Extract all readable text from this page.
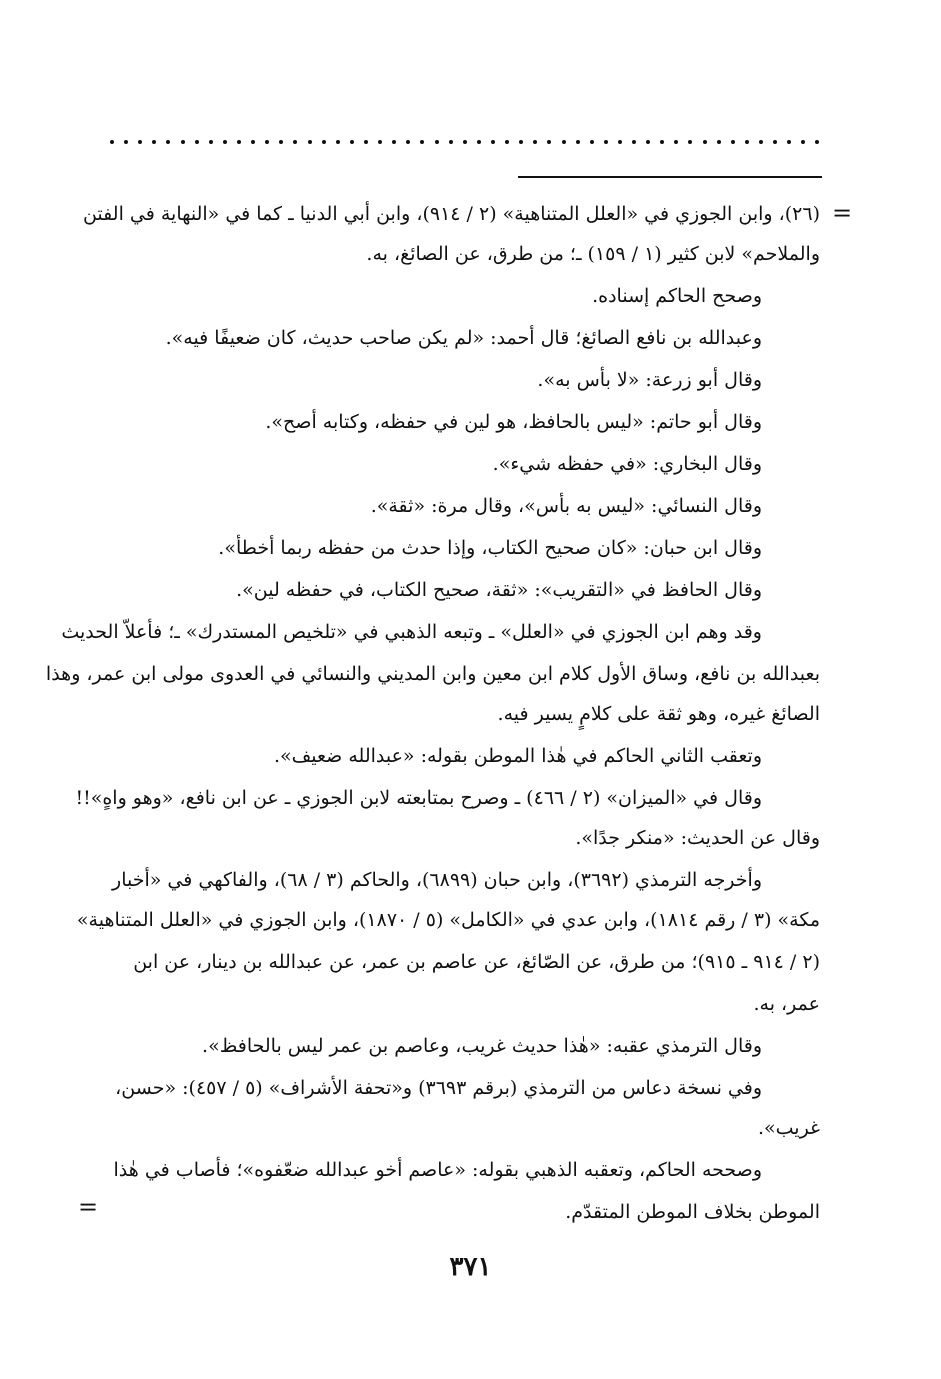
=
(٢٦)، وابن الجوزي في «العلل المتناهية» (٢ / ٩١٤)، وابن أبي الدنيا ـ كما في «النهاية في الفتن
والملاحم» لابن كثير (١ / ١٥٩) ـ؛ من طرق، عن الصائغ، به.
وصحح الحاكم إسناده.
وعبدالله بن نافع الصائغ؛ قال أحمد: «لم يكن صاحب حديث، كان ضعيفًا فيه».
وقال أبو زرعة: «لا بأس به».
وقال أبو حاتم: «ليس بالحافظ، هو لين في حفظه، وكتابه أصح».
وقال البخاري: «في حفظه شيء».
وقال النسائي: «ليس به بأس»، وقال مرة: «ثقة».
وقال ابن حبان: «كان صحيح الكتاب، وإذا حدث من حفظه ربما أخطأ».
وقال الحافظ في «التقريب»: «ثقة، صحيح الكتاب، في حفظه لين».
وقد وهم ابن الجوزي في «العلل» ـ وتبعه الذهبي في «تلخيص المستدرك» ـ؛ فأعلاّ الحديث
بعبدالله بن نافع، وساق الأول كلام ابن معين وابن المديني والنسائي في العدوى مولى ابن عمر، وهذا
الصائغ غيره، وهو ثقة على كلامٍ يسير فيه.
وتعقب الثاني الحاكم في هٰذا الموطن بقوله: «عبدالله ضعيف».
وقال في «الميزان» (٢ / ٤٦٦) ـ وصرح بمتابعته لابن الجوزي ـ عن ابن نافع، «وهو واهٍ»!!
وقال عن الحديث: «منكر جدًا».
وأخرجه الترمذي (٣٦٩٢)، وابن حبان (٦٨٩٩)، والحاكم (٣ / ٦٨)، والفاكهي في «أخبار
مكة» (٣ / رقم ١٨١٤)، وابن عدي في «الكامل» (٥ / ١٨٧٠)، وابن الجوزي في «العلل المتناهية»
(٢ / ٩١٤ ـ ٩١٥)؛ من طرق، عن الصّائغ، عن عاصم بن عمر، عن عبدالله بن دينار، عن ابن
عمر، به.
وقال الترمذي عقبه: «هٰذا حديث غريب، وعاصم بن عمر ليس بالحافظ».
وفي نسخة دعاس من الترمذي (برقم ٣٦٩٣) و«تحفة الأشراف» (٥ / ٤٥٧): «حسن،
غريب».
وصححه الحاكم، وتعقبه الذهبي بقوله: «عاصم أخو عبدالله ضعّفوه»؛ فأصاب في هٰذا
الموطن بخلاف الموطن المتقدّم.
=
٣٧١
